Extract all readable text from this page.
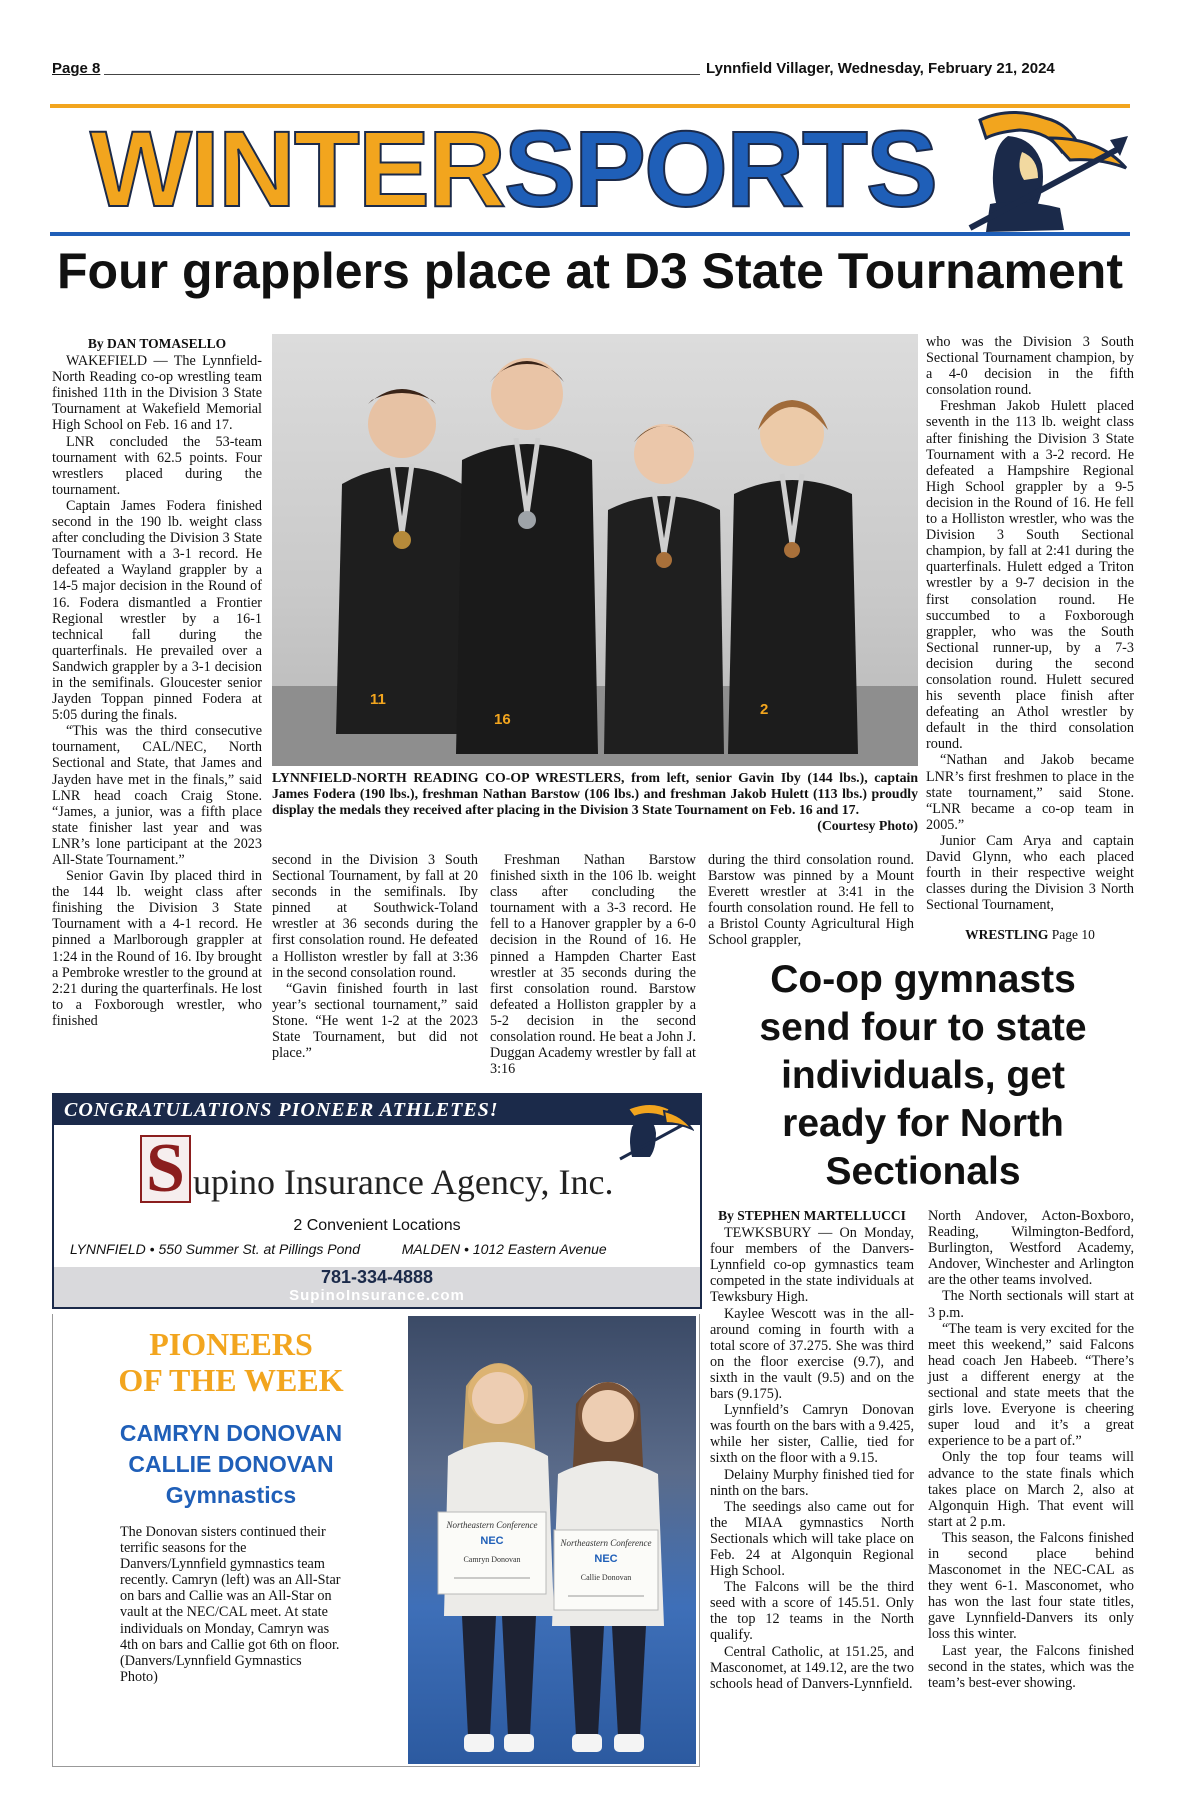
Page 8	Lynnfield Villager, Wednesday, February 21, 2024
WINTERSPORTS
Four grapplers place at D3 State Tournament
By DAN TOMASELLO

WAKEFIELD — The Lynnfield-North Reading co-op wrestling team finished 11th in the Division 3 State Tournament at Wakefield Memorial High School on Feb. 16 and 17.

LNR concluded the 53-team tournament with 62.5 points. Four wrestlers placed during the tournament.

Captain James Fodera finished second in the 190 lb. weight class after concluding the Division 3 State Tournament with a 3-1 record. He defeated a Wayland grappler by a 14-5 major decision in the Round of 16. Fodera dismantled a Frontier Regional wrestler by a 16-1 technical fall during the quarterfinals. He prevailed over a Sandwich grappler by a 3-1 decision in the semifinals. Gloucester senior Jayden Toppan pinned Fodera at 5:05 during the finals.

“This was the third consecutive tournament, CAL/NEC, North Sectional and State, that James and Jayden have met in the finals,” said LNR head coach Craig Stone. “James, a junior, was a fifth place state finisher last year and was LNR’s lone participant at the 2023 All-State Tournament.”

Senior Gavin Iby placed third in the 144 lb. weight class after finishing the Division 3 State Tournament with a 4-1 record. He pinned a Marlborough grappler at 1:24 in the Round of 16. Iby brought a Pembroke wrestler to the ground at 2:21 during the quarterfinals. He lost to a Foxborough wrestler, who finished

11
16
2
LYNNFIELD-NORTH READING CO-OP WRESTLERS, from left, senior Gavin Iby (144 lbs.), captain James Fodera (190 lbs.), freshman Nathan Barstow (106 lbs.) and freshman Jakob Hulett (113 lbs.) proudly display the medals they received after placing in the Division 3 State Tournament on Feb. 16 and 17.
(Courtesy Photo)

who was the Division 3 South Sectional Tournament champion, by a 4-0 decision in the fifth consolation round.

Freshman Jakob Hulett placed seventh in the 113 lb. weight class after finishing the Division 3 State Tournament with a 3-2 record. He defeated a Hampshire Regional High School grappler by a 9-5 decision in the Round of 16. He fell to a Holliston wrestler, who was the Division 3 South Sectional champion, by fall at 2:41 during the quarterfinals. Hulett edged a Triton wrestler by a 9-7 decision in the first consolation round. He succumbed to a Foxborough grappler, who was the South Sectional runner-up, by a 7-3 decision during the second consolation round. Hulett secured his seventh place finish after defeating an Athol wrestler by default in the third consolation round.

“Nathan and Jakob became LNR’s first freshmen to place in the state tournament,” said Stone. “LNR became a co-op team in 2005.”

Junior Cam Arya and captain David Glynn, who each placed fourth in their respective weight classes during the Division 3 North Sectional Tournament,

WRESTLING Page 10

second in the Division 3 South Sectional Tournament, by fall at 20 seconds in the semifinals. Iby pinned at Southwick-Toland wrestler at 36 seconds during the first consolation round. He defeated a Holliston wrestler by fall at 3:36 in the second consolation round.

“Gavin finished fourth in last year’s sectional tournament,” said Stone. “He went 1-2 at the 2023 State Tournament, but did not place.”

Freshman Nathan Barstow finished sixth in the 106 lb. weight class after concluding the tournament with a 3-3 record. He fell to a Hanover grappler by a 6-0 decision in the Round of 16. He pinned a Hampden Charter East wrestler at 35 seconds during the first consolation round. Barstow defeated a Holliston grappler by a 5-2 decision in the second consolation round. He beat a John J. Duggan Academy wrestler by fall at 3:16

during the third consolation round. Barstow was pinned by a Mount Everett wrestler at 3:41 in the fourth consolation round. He fell to a Bristol County Agricultural High School grappler,

CONGRATULATIONS PIONEER ATHLETES!
S upino Insurance Agency, Inc.
2 Convenient Locations
LYNNFIELD • 550 Summer St. at Pillings Pond	MALDEN • 1012 Eastern Avenue
781-334-4888
SupinoInsurance.com
PIONEERS
OF THE WEEK
CAMRYN DONOVAN
CALLIE DONOVAN
Gymnastics

The Donovan sisters continued their terrific seasons for the Danvers/Lynnfield gymnastics team recently. Camryn (left) was an All-Star on bars and Callie was an All-Star on vault at the NEC/CAL meet. At state individuals on Monday, Camryn was 4th on bars and Callie got 6th on floor. (Danvers/Lynnfield Gymnastics Photo)

Northeastern Conference
NEC
Camryn Donovan
Northeastern Conference
NEC
Callie Donovan
Co-op gymnasts
send four to state
individuals, get
ready for North
Sectionals
By STEPHEN MARTELLUCCI

TEWKSBURY — On Monday, four members of the Danvers-Lynnfield co-op gymnastics team competed in the state individuals at Tewksbury High.

Kaylee Wescott was in the all-around coming in fourth with a total score of 37.275. She was third on the floor exercise (9.7), and sixth in the vault (9.5) and on the bars (9.175).

Lynnfield’s Camryn Donovan was fourth on the bars with a 9.425, while her sister, Callie, tied for sixth on the floor with a 9.15.

Delainy Murphy finished tied for ninth on the bars.

The seedings also came out for the MIAA gymnastics North Sectionals which will take place on Feb. 24 at Algonquin Regional High School.

The Falcons will be the third seed with a score of 145.51. Only the top 12 teams in the North qualify.

Central Catholic, at 151.25, and Masconomet, at 149.12, are the two schools head of Danvers-Lynnfield.

North Andover, Acton-Boxboro, Reading, Wilmington-Bedford, Burlington, Westford Academy, Andover, Winchester and Arlington are the other teams involved.

The North sectionals will start at 3 p.m.

“The team is very excited for the meet this weekend,” said Falcons head coach Jen Habeeb. “There’s just a different energy at the sectional and state meets that the girls love. Everyone is cheering super loud and it’s a great experience to be a part of.”

Only the top four teams will advance to the state finals which takes place on March 2, also at Algonquin High. That event will start at 2 p.m.

This season, the Falcons finished in second place behind Masconomet in the NEC-CAL as they went 6-1. Masconomet, who has won the last four state titles, gave Lynnfield-Danvers its only loss this winter.

Last year, the Falcons finished second in the states, which was the team’s best-ever showing.
